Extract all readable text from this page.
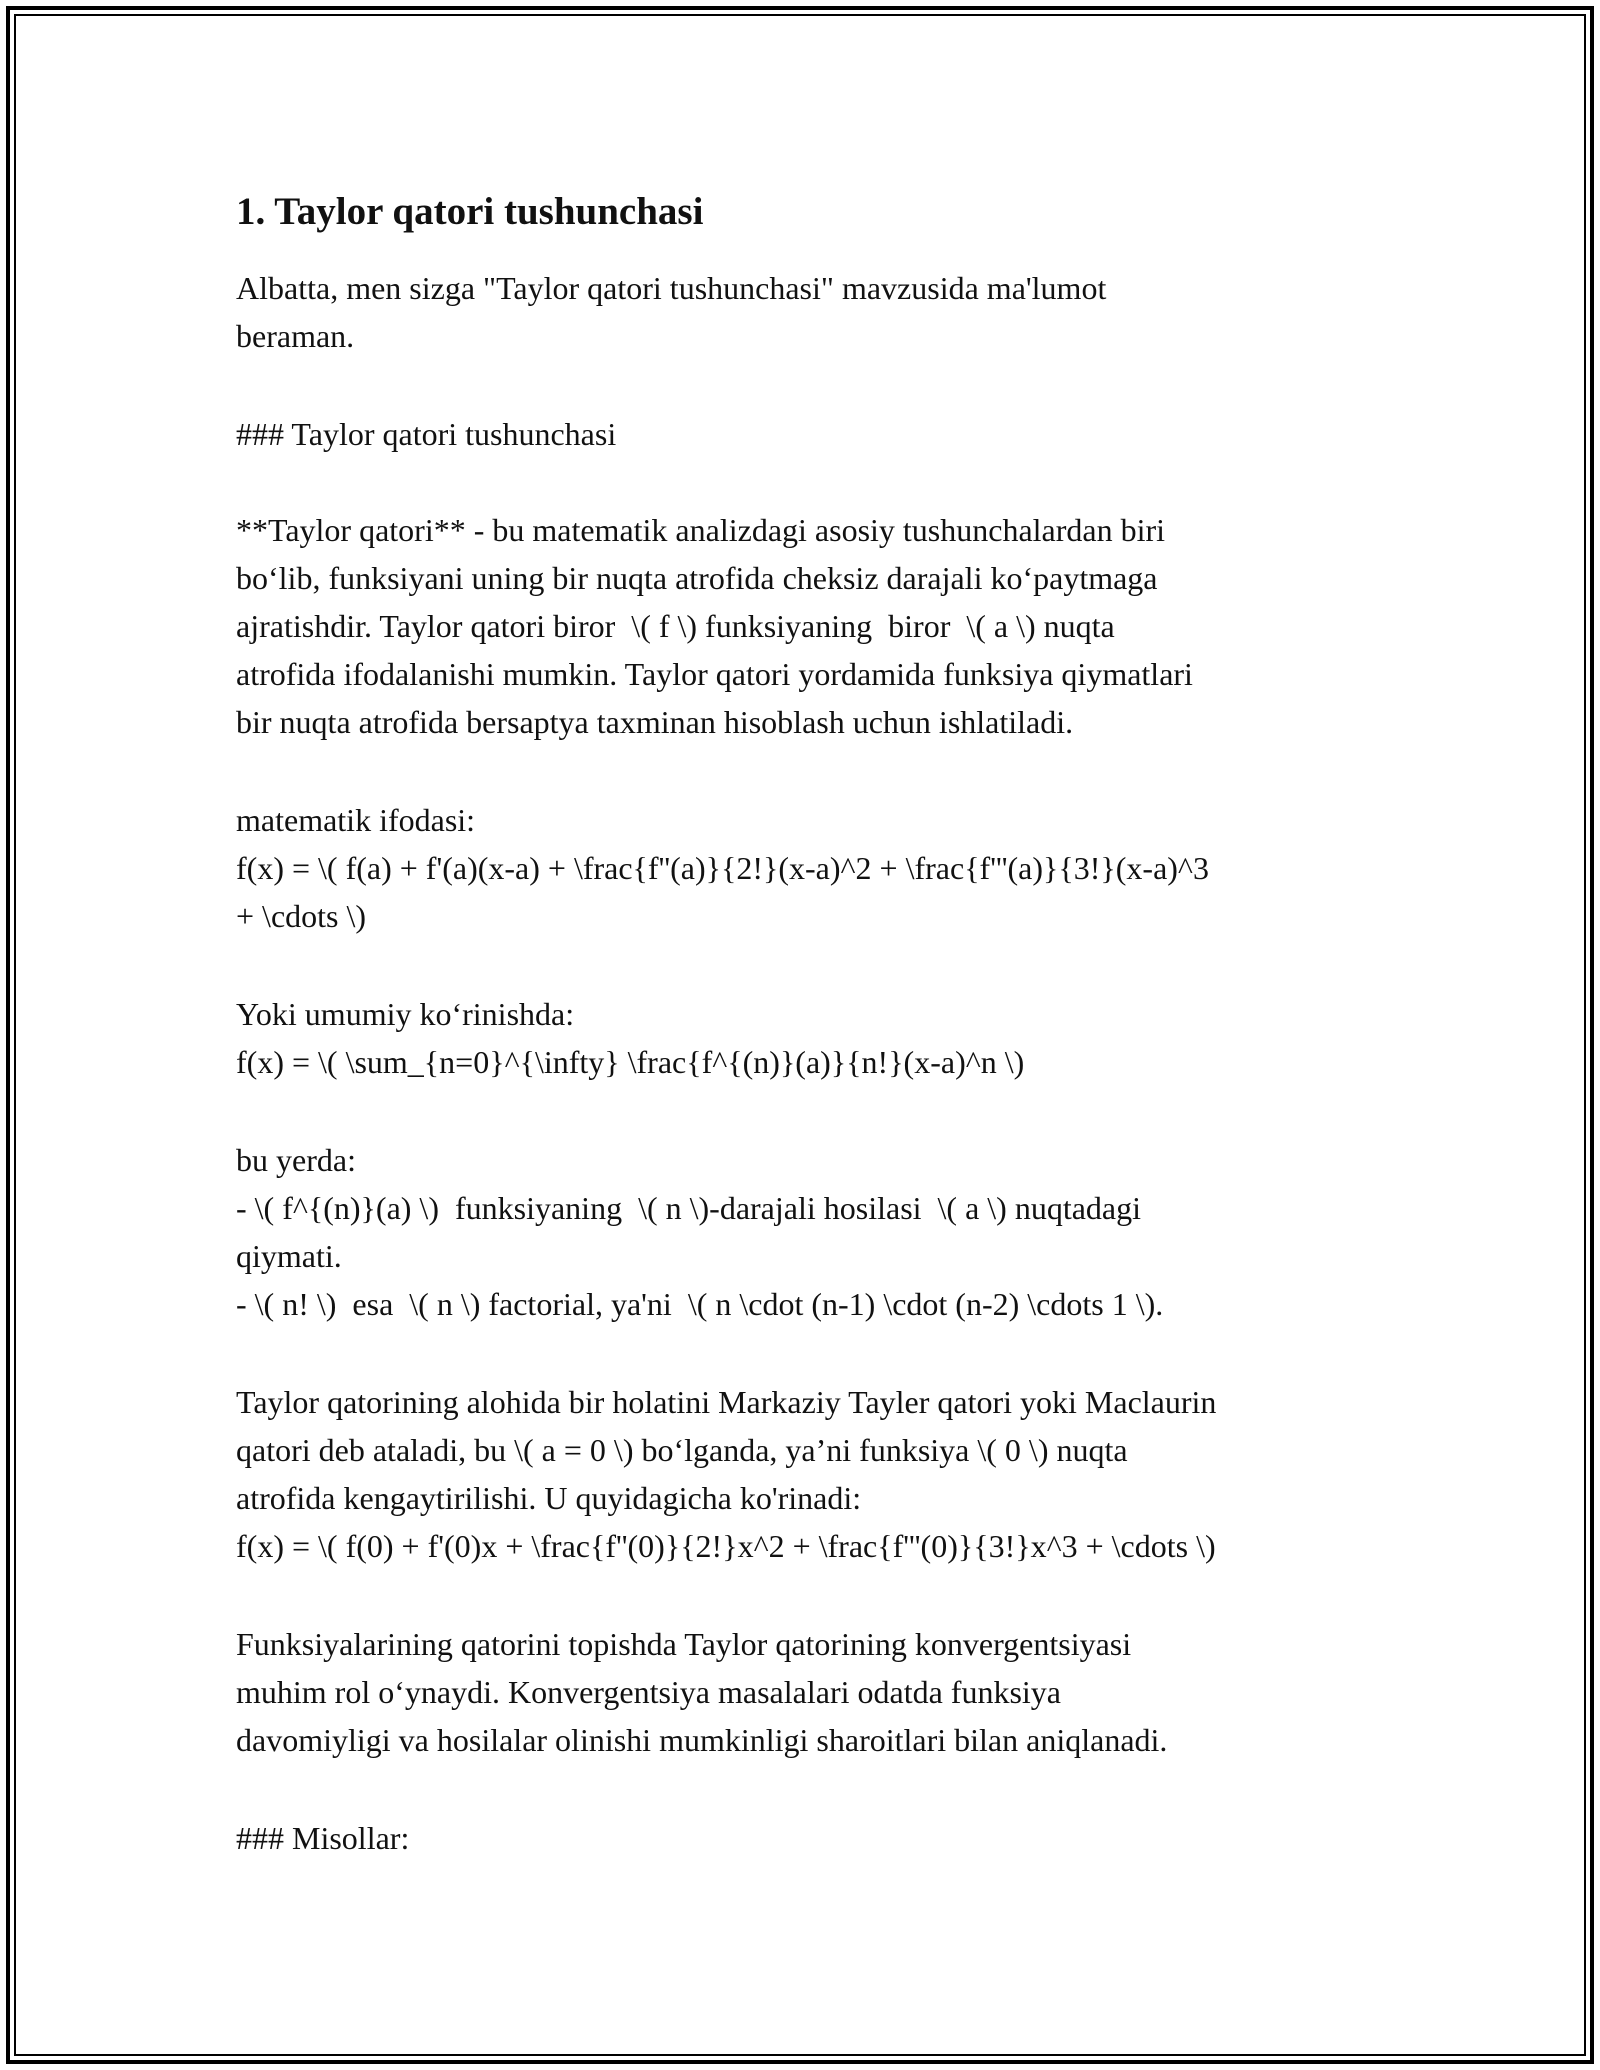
1. Taylor qatori tushunchasi

Albatta, men sizga "Taylor qatori tushunchasi" mavzusida ma'lumot

beraman.

### Taylor qatori tushunchasi

**Taylor qatori** - bu matematik analizdagi asosiy tushunchalardan biri

bo‘lib, funksiyani uning bir nuqta atrofida cheksiz darajali ko‘paytmaga

ajratishdir. Taylor qatori biror  \( f \) funksiyaning  biror  \( a \) nuqta

atrofida ifodalanishi mumkin. Taylor qatori yordamida funksiya qiymatlari

bir nuqta atrofida bersaptya taxminan hisoblash uchun ishlatiladi.

matematik ifodasi:

f(x) = \( f(a) + f'(a)(x-a) + \frac{f''(a)}{2!}(x-a)^2 + \frac{f'''(a)}{3!}(x-a)^3

+ \cdots \)

Yoki umumiy ko‘rinishda:

f(x) = \( \sum_{n=0}^{\infty} \frac{f^{(n)}(a)}{n!}(x-a)^n \)

bu yerda:

- \( f^{(n)}(a) \)  funksiyaning  \( n \)-darajali hosilasi  \( a \) nuqtadagi

qiymati.

- \( n! \)  esa  \( n \) factorial, ya'ni  \( n \cdot (n-1) \cdot (n-2) \cdots 1 \).

Taylor qatorining alohida bir holatini Markaziy Tayler qatori yoki Maclaurin

qatori deb ataladi, bu \( a = 0 \) bo‘lganda, ya’ni funksiya \( 0 \) nuqta

atrofida kengaytirilishi. U quyidagicha ko'rinadi:

f(x) = \( f(0) + f'(0)x + \frac{f''(0)}{2!}x^2 + \frac{f'''(0)}{3!}x^3 + \cdots \)

Funksiyalarining qatorini topishda Taylor qatorining konvergentsiyasi

muhim rol o‘ynaydi. Konvergentsiya masalalari odatda funksiya

davomiyligi va hosilalar olinishi mumkinligi sharoitlari bilan aniqlanadi.

### Misollar:
